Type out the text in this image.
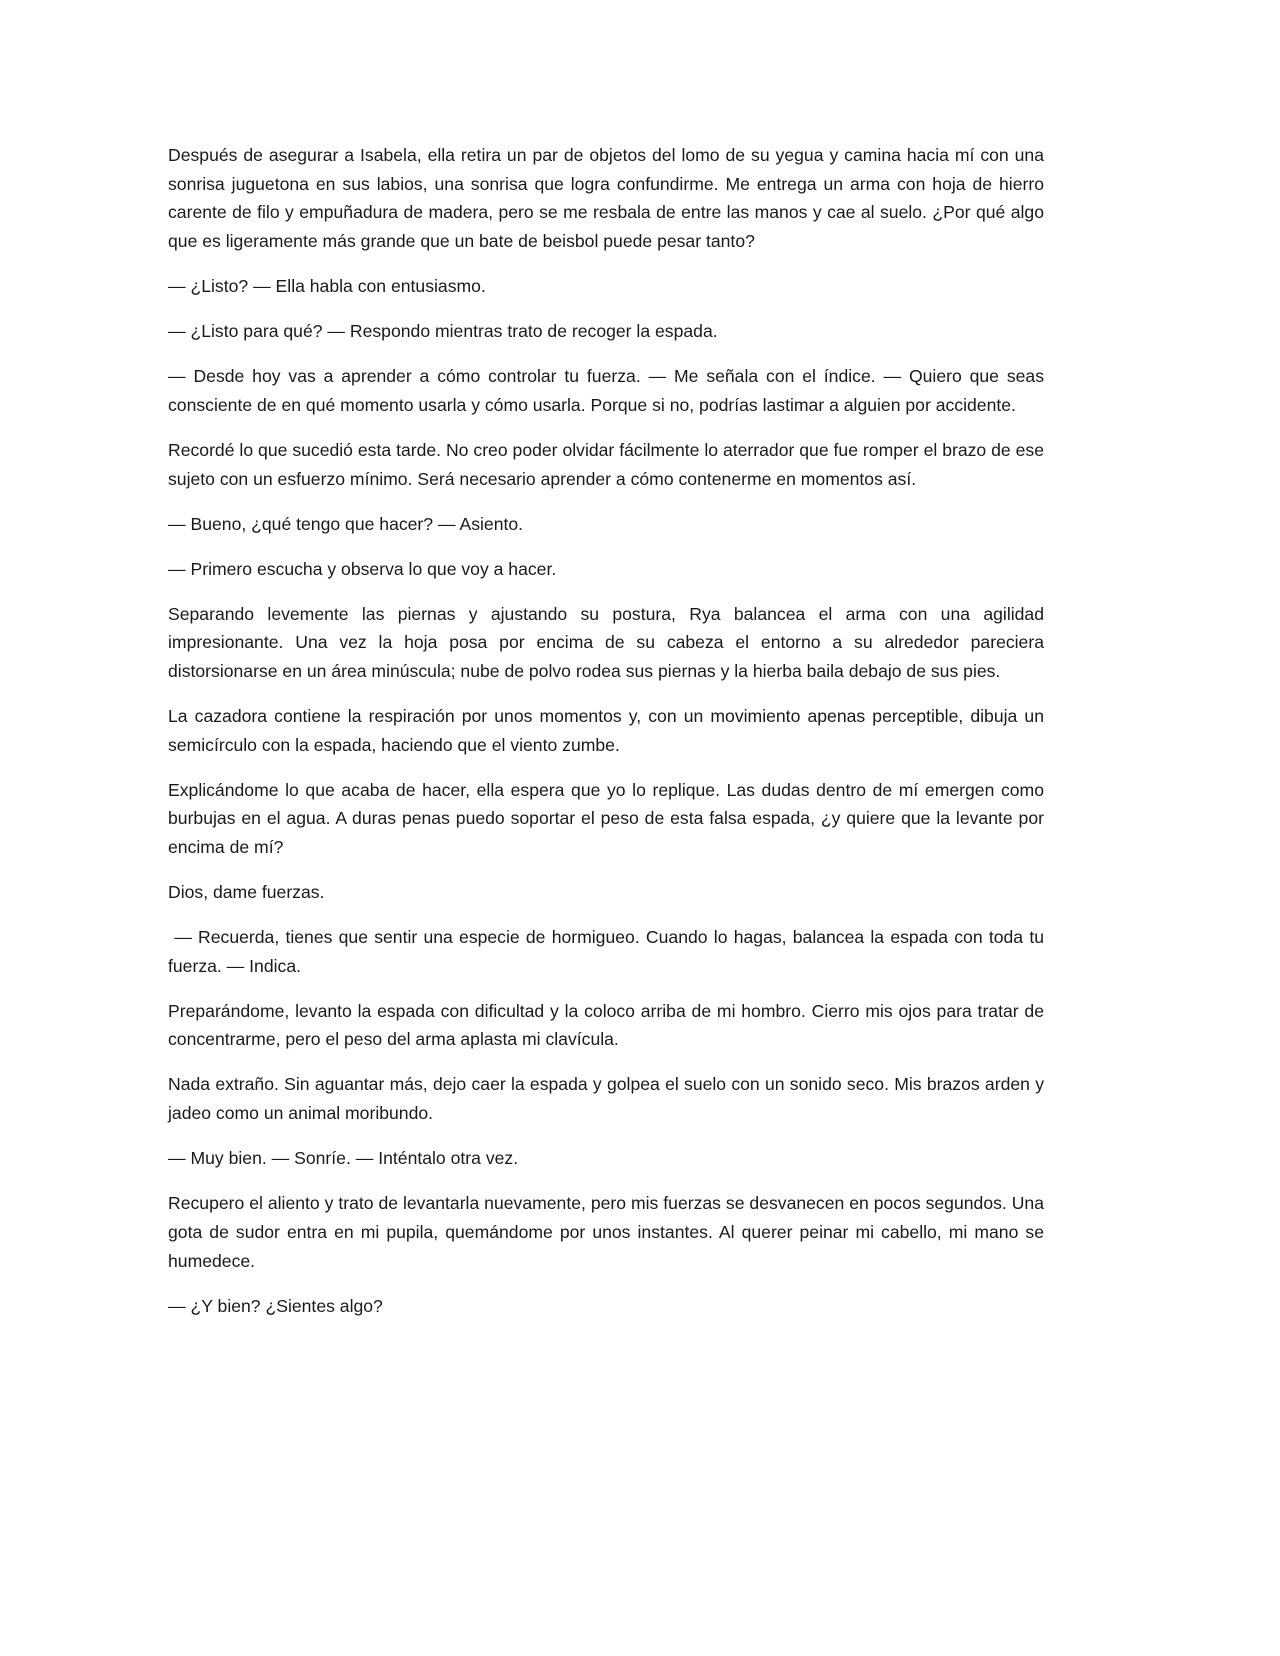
Después de asegurar a Isabela, ella retira un par de objetos del lomo de su yegua y camina hacia mí con una sonrisa juguetona en sus labios, una sonrisa que logra confundirme. Me entrega un arma con hoja de hierro carente de filo y empuñadura de madera, pero se me resbala de entre las manos y cae al suelo. ¿Por qué algo que es ligeramente más grande que un bate de beisbol puede pesar tanto?

— ¿Listo? — Ella habla con entusiasmo.

— ¿Listo para qué? — Respondo mientras trato de recoger la espada.

— Desde hoy vas a aprender a cómo controlar tu fuerza. — Me señala con el índice. — Quiero que seas consciente de en qué momento usarla y cómo usarla. Porque si no, podrías lastimar a alguien por accidente.

Recordé lo que sucedió esta tarde. No creo poder olvidar fácilmente lo aterrador que fue romper el brazo de ese sujeto con un esfuerzo mínimo. Será necesario aprender a cómo contenerme en momentos así.

— Bueno, ¿qué tengo que hacer? — Asiento.

— Primero escucha y observa lo que voy a hacer.

Separando levemente las piernas y ajustando su postura, Rya balancea el arma con una agilidad impresionante. Una vez la hoja posa por encima de su cabeza el entorno a su alrededor pareciera distorsionarse en un área minúscula; nube de polvo rodea sus piernas y la hierba baila debajo de sus pies.

La cazadora contiene la respiración por unos momentos y, con un movimiento apenas perceptible, dibuja un semicírculo con la espada, haciendo que el viento zumbe.

Explicándome lo que acaba de hacer, ella espera que yo lo replique. Las dudas dentro de mí emergen como burbujas en el agua. A duras penas puedo soportar el peso de esta falsa espada, ¿y quiere que la levante por encima de mí?

Dios, dame fuerzas.

— Recuerda, tienes que sentir una especie de hormigueo. Cuando lo hagas, balancea la espada con toda tu fuerza. — Indica.

Preparándome, levanto la espada con dificultad y la coloco arriba de mi hombro. Cierro mis ojos para tratar de concentrarme, pero el peso del arma aplasta mi clavícula.

Nada extraño. Sin aguantar más, dejo caer la espada y golpea el suelo con un sonido seco. Mis brazos arden y jadeo como un animal moribundo.

— Muy bien. — Sonríe. — Inténtalo otra vez.

Recupero el aliento y trato de levantarla nuevamente, pero mis fuerzas se desvanecen en pocos segundos. Una gota de sudor entra en mi pupila, quemándome por unos instantes. Al querer peinar mi cabello, mi mano se humedece.

— ¿Y bien? ¿Sientes algo?
